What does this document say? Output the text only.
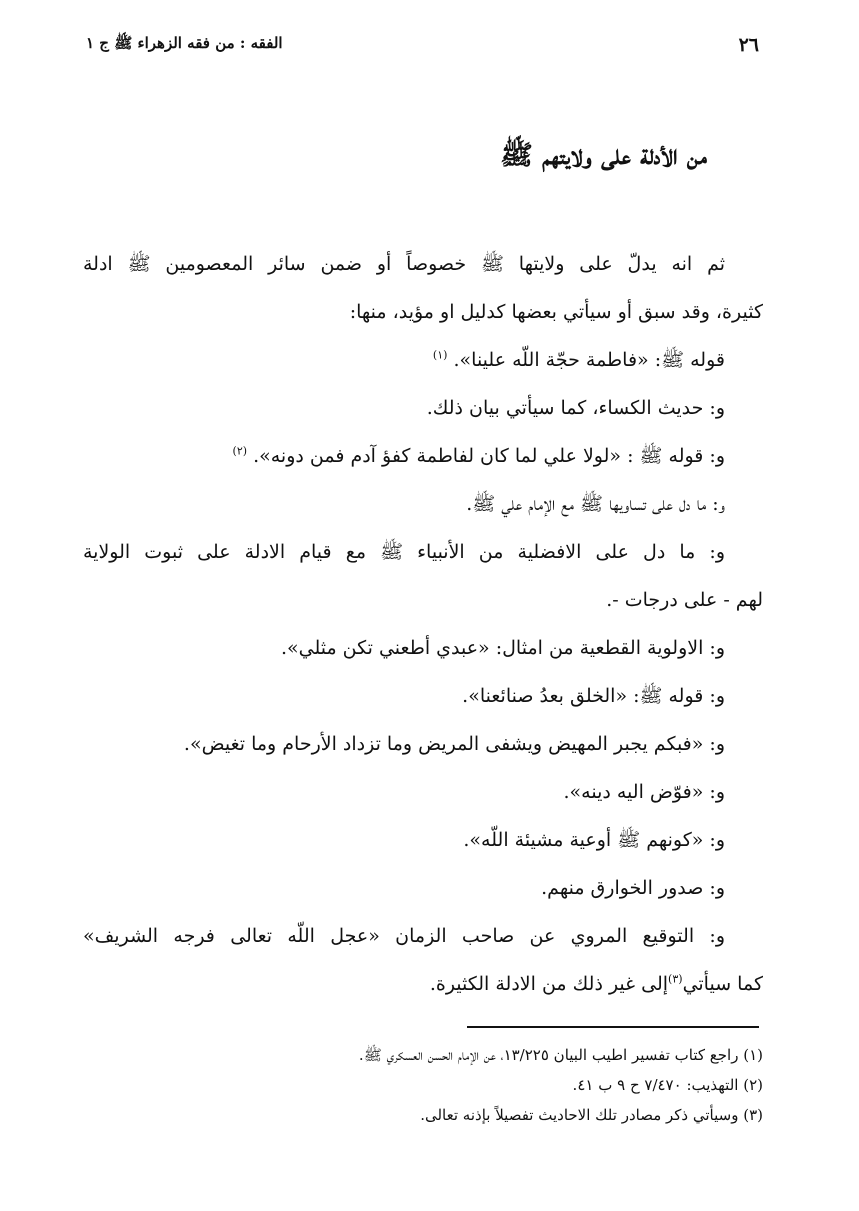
٢٦
الفقه : من فقه الزهراء ﷺ ج ١
من الأدلة على ولايتهم ﷺ
ثم انه يدلّ على ولايتها ﷺ خصوصاً أو ضمن سائر المعصومين ﷺ ادلة
كثيرة، وقد سبق أو سيأتي بعضها كدليل او مؤيد، منها:
قوله ﷺ: «فاطمة حجّة اللّه علينا». $^{(١)}$
و: حديث الكساء، كما سيأتي بيان ذلك.
و: قوله ﷺ : «لولا علي لما كان لفاطمة كفؤ آدم فمن دونه». $^{(٢)}$
و: ما دل على تساويها ﷺ مع الإمام علي ﷺ.
و: ما دل على الافضلية من الأنبياء ﷺ مع قيام الادلة على ثبوت الولاية
لهم - على درجات -.
و: الاولوية القطعية من امثال: «عبدي أطعني تكن مثلي».
و: قوله ﷺ: «الخلق بعدُ صنائعنا».
و: «فبكم يجبر المهيض ويشفى المريض وما تزداد الأرحام وما تغيض».
و: «فوّض اليه دينه».
و: «كونهم ﷺ أوعية مشيئة اللّه».
و: صدور الخوارق منهم.
و: التوقيع المروي عن صاحب الزمان «عجل اللّه تعالى فرجه الشريف»
كما سيأتي$^{(٣)}$إلى غير ذلك من الادلة الكثيرة.
(١) راجع كتاب تفسير اطيب البيان ١٣/٢٢٥، عن الإمام الحسن العسكري ﷺ.
(٢) التهذيب: ٧/٤٧٠ ح ٩ ب ٤١.
(٣) وسيأتي ذكر مصادر تلك الاحاديث تفصيلاً بإذنه تعالى.
